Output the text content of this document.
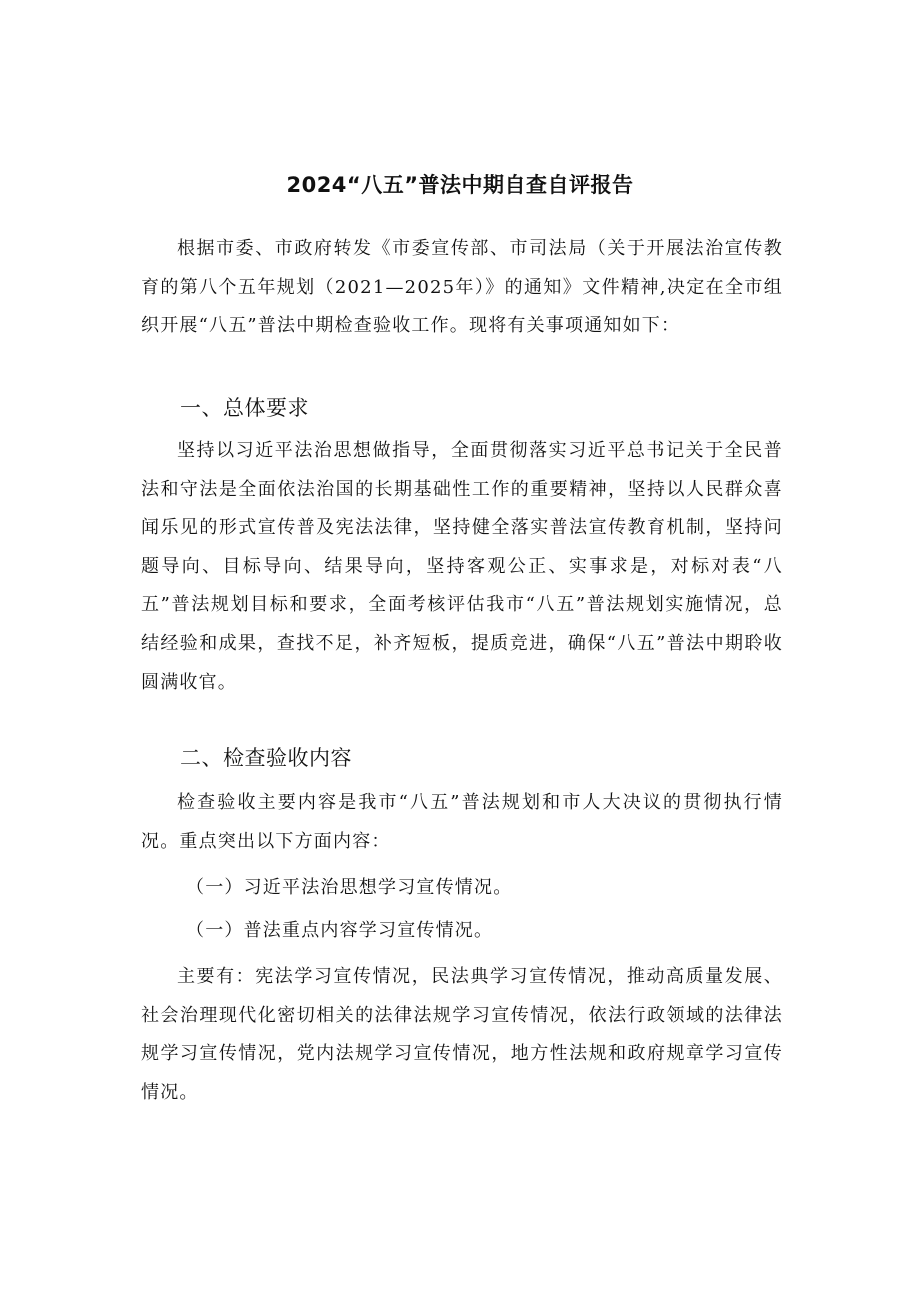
2024“八五”普法中期自查自评报告

根据市委、市政府转发《市委宣传部、市司法局（关于开展法治宣传教育的第八个五年规划（2021—2025年）》的通知》文件精神,决定在全市组织开展“八五”普法中期检查验收工作。现将有关事项通知如下：

一、总体要求

坚持以习近平法治思想做指导，全面贯彻落实习近平总书记关于全民普法和守法是全面依法治国的长期基础性工作的重要精神，坚持以人民群众喜闻乐见的形式宣传普及宪法法律，坚持健全落实普法宣传教育机制，坚持问题导向、目标导向、结果导向，坚持客观公正、实事求是，对标对表“八五”普法规划目标和要求，全面考核评估我市“八五”普法规划实施情况，总结经验和成果，查找不足，补齐短板，提质竞进，确保“八五”普法中期聆收圆满收官。

二、检查验收内容

检查验收主要内容是我市“八五”普法规划和市人大决议的贯彻执行情况。重点突出以下方面内容：

（一）习近平法治思想学习宣传情况。
（一）普法重点内容学习宣传情况。

主要有：宪法学习宣传情况，民法典学习宣传情况，推动高质量发展、社会治理现代化密切相关的法律法规学习宣传情况，依法行政领域的法律法规学习宣传情况，党内法规学习宣传情况，地方性法规和政府规章学习宣传情况。
